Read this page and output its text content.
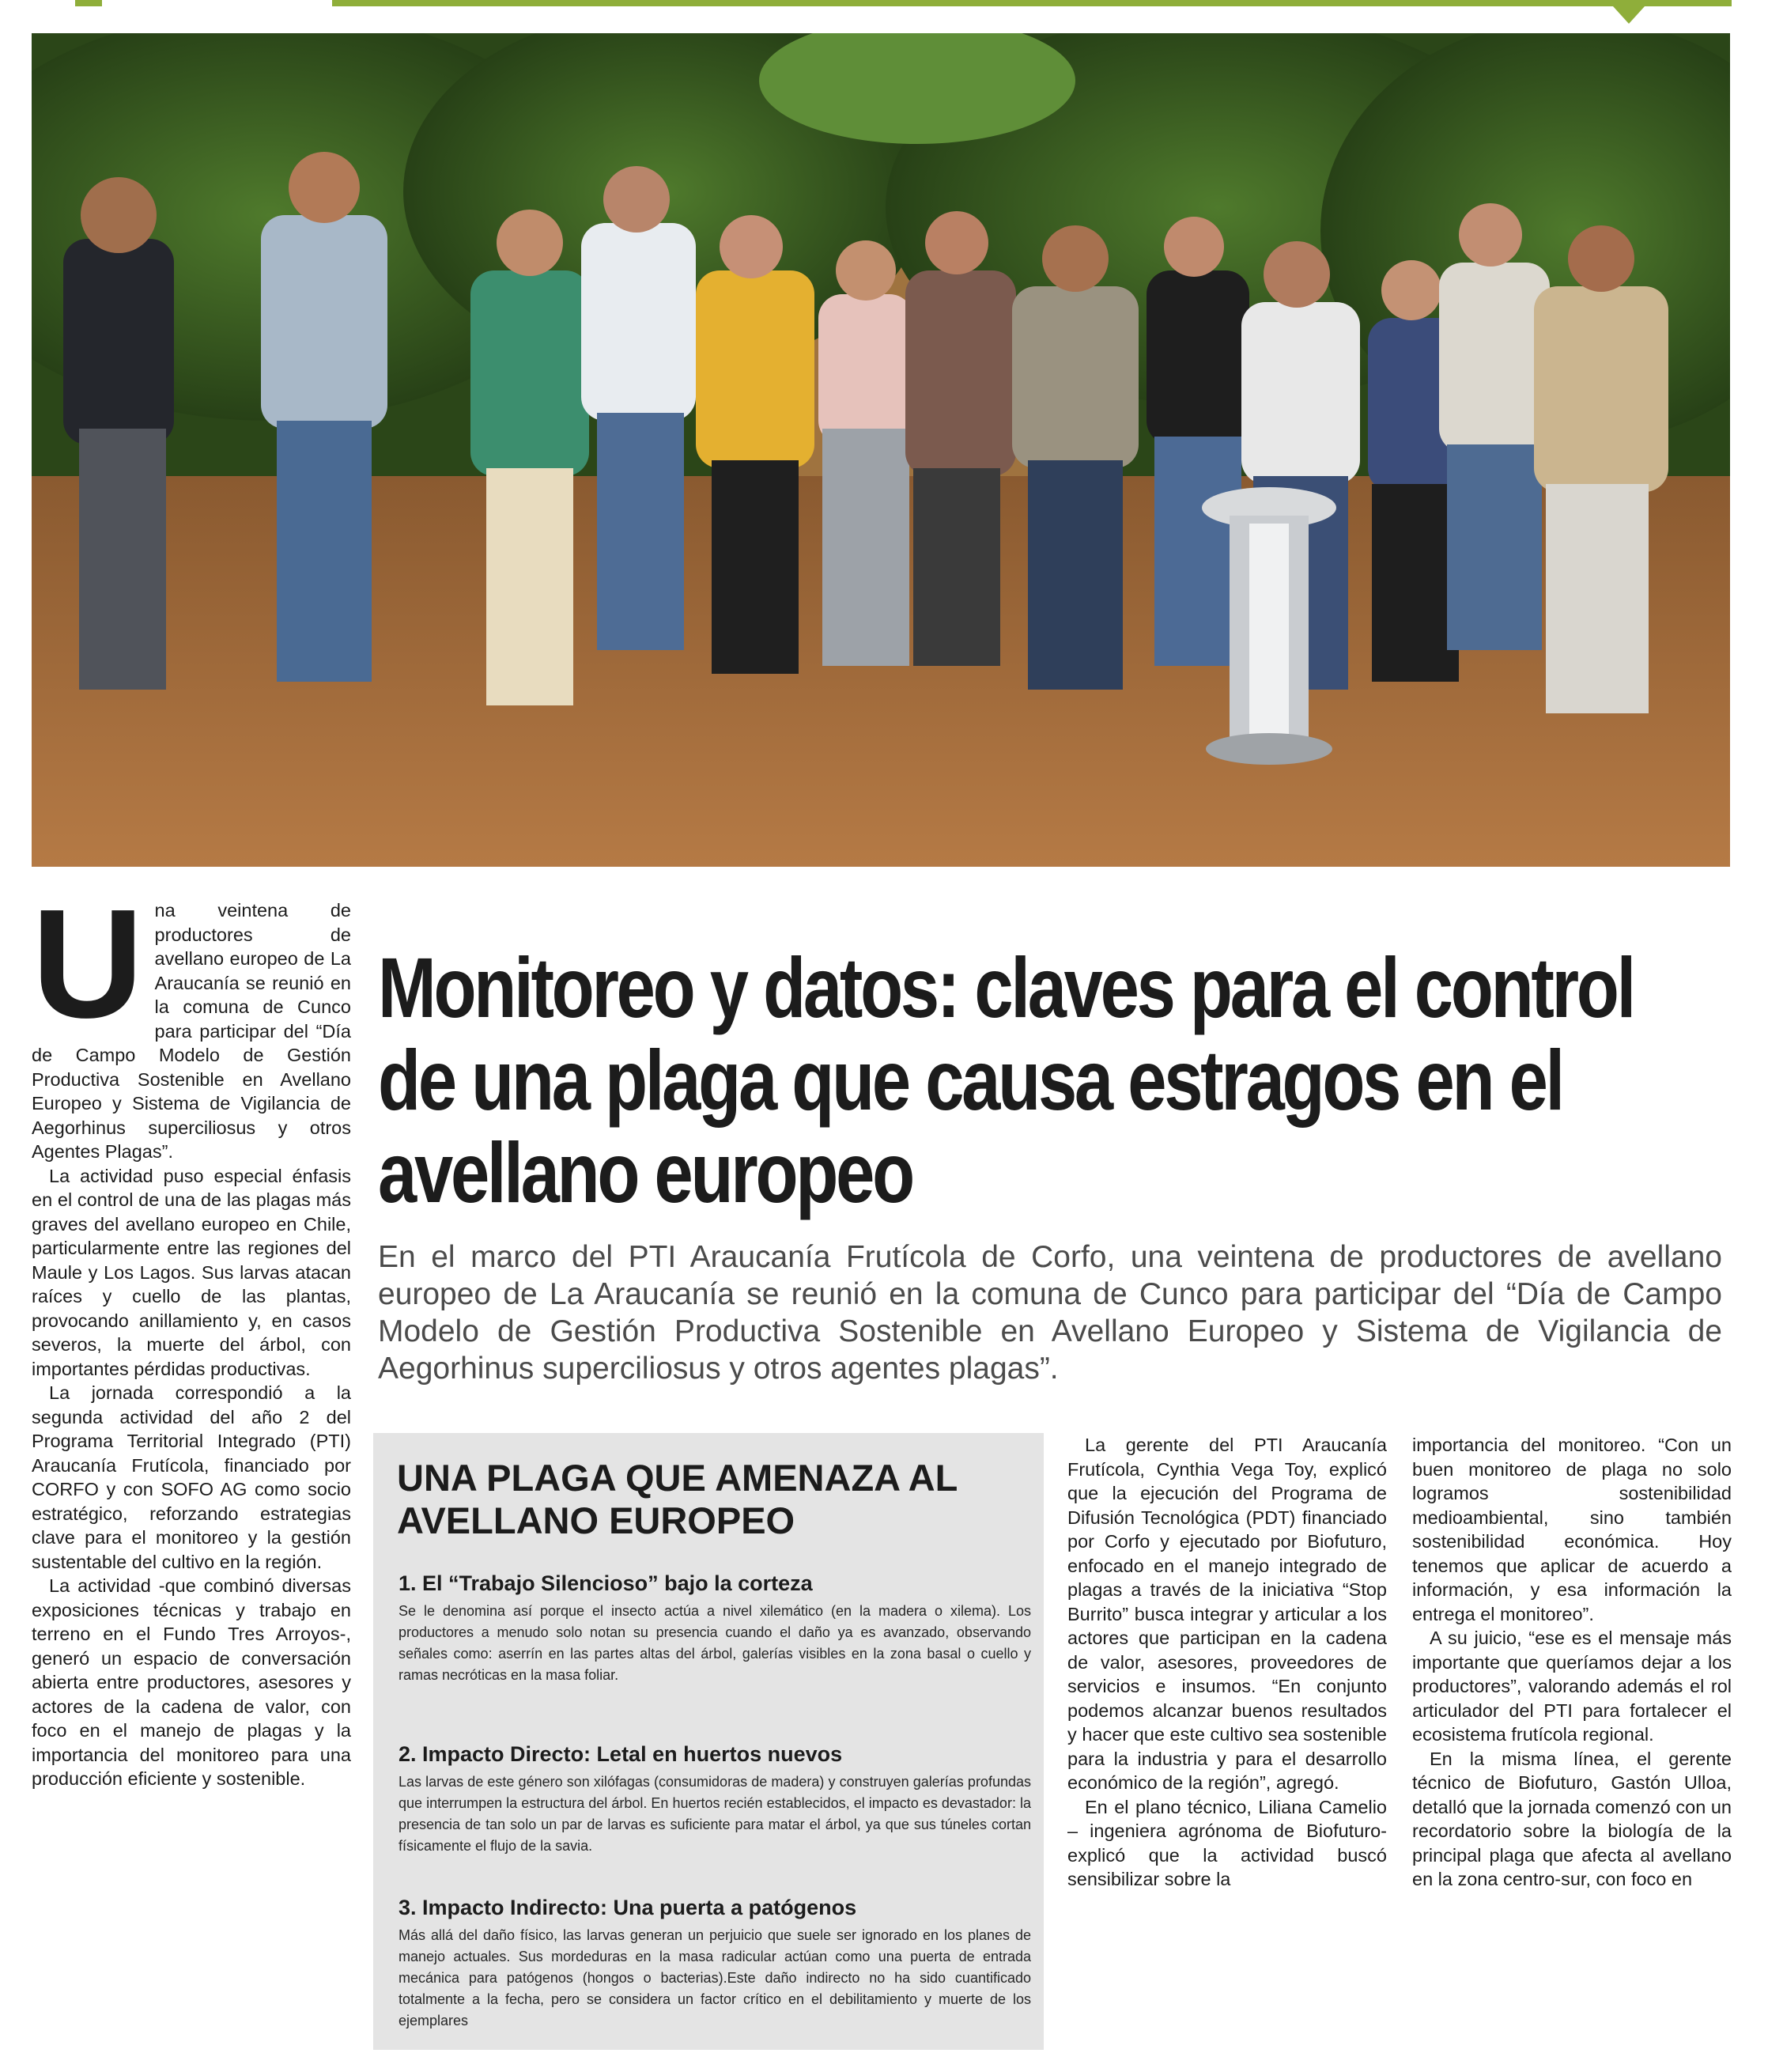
U na veintena de productores de avellano europeo de La Araucanía se reunió en la comuna de Cunco para participar del “Día de Campo Modelo de Gestión Productiva Sostenible en Avellano Europeo y Sistema de Vigilancia de Aegorhinus superciliosus y otros Agentes Plagas”.

La actividad puso especial énfasis en el control de una de las plagas más graves del avellano europeo en Chile, particularmente entre las regiones del Maule y Los Lagos. Sus larvas atacan raíces y cuello de las plantas, provocando anillamiento y, en casos severos, la muerte del árbol, con importantes pérdidas productivas.

La jornada correspondió a la segunda actividad del año 2 del Programa Territorial Integrado (PTI) Araucanía Frutícola, financiado por CORFO y con SOFO AG como socio estratégico, reforzando estrategias clave para el monitoreo y la gestión sustentable del cultivo en la región.

La actividad -que combinó diversas exposiciones técnicas y trabajo en terreno en el Fundo Tres Arroyos-, generó un espacio de conversación abierta entre productores, asesores y actores de la cadena de valor, con foco en el manejo de plagas y la importancia del monitoreo para una producción eficiente y sostenible.

Monitoreo y datos: claves para el control de una plaga que causa estragos en el avellano europeo
En el marco del PTI Araucanía Frutícola de Corfo, una veintena de productores de avellano europeo de La Araucanía se reunió en la comuna de Cunco para participar del “Día de Campo Modelo de Gestión Productiva Sostenible en Avellano Europeo y Sistema de Vigilancia de Aegorhinus superciliosus y otros agentes plagas”.
UNA PLAGA QUE AMENAZA AL AVELLANO EUROPEO
1. El “Trabajo Silencioso” bajo la corteza

Se le denomina así porque el insecto actúa a nivel xilemático (en la madera o xilema). Los productores a menudo solo notan su presencia cuando el daño ya es avanzado, observando señales como: aserrín en las partes altas del árbol, galerías visibles en la zona basal o cuello y ramas necróticas en la masa foliar.

2. Impacto Directo: Letal en huertos nuevos

Las larvas de este género son xilófagas (consumidoras de madera) y construyen galerías profundas que interrumpen la estructura del árbol. En huertos recién establecidos, el impacto es devastador: la presencia de tan solo un par de larvas es suficiente para matar el árbol, ya que sus túneles cortan físicamente el flujo de la savia.

3. Impacto Indirecto: Una puerta a patógenos

Más allá del daño físico, las larvas generan un perjuicio que suele ser ignorado en los planes de manejo actuales. Sus mordeduras en la masa radicular actúan como una puerta de entrada mecánica para patógenos (hongos o bacterias).Este daño indirecto no ha sido cuantificado totalmente a la fecha, pero se considera un factor crítico en el debilitamiento y muerte de los ejemplares

La gerente del PTI Araucanía Frutícola, Cynthia Vega Toy, explicó que la ejecución del Programa de Difusión Tecnológica (PDT) financiado por Corfo y ejecutado por Biofuturo, enfocado en el manejo integrado de plagas a través de la iniciativa “Stop Burrito” busca integrar y articular a los actores que participan en la cadena de valor, asesores, proveedores de servicios e insumos. “En conjunto podemos alcanzar buenos resultados y hacer que este cultivo sea sostenible para la industria y para el desarrollo económico de la región”, agregó.

En el plano técnico, Liliana Camelio – ingeniera agrónoma de Biofuturo- explicó que la actividad buscó sensibilizar sobre la

importancia del monitoreo. “Con un buen monitoreo de plaga no solo logramos sostenibilidad medioambiental, sino también sostenibilidad económica. Hoy tenemos que aplicar de acuerdo a información, y esa información la entrega el monitoreo”.

A su juicio, “ese es el mensaje más importante que queríamos dejar a los productores”, valorando además el rol articulador del PTI para fortalecer el ecosistema frutícola regional.

En la misma línea, el gerente técnico de Biofuturo, Gastón Ulloa, detalló que la jornada comenzó con un recordatorio sobre la biología de la principal plaga que afecta al avellano en la zona centro-sur, con foco en
